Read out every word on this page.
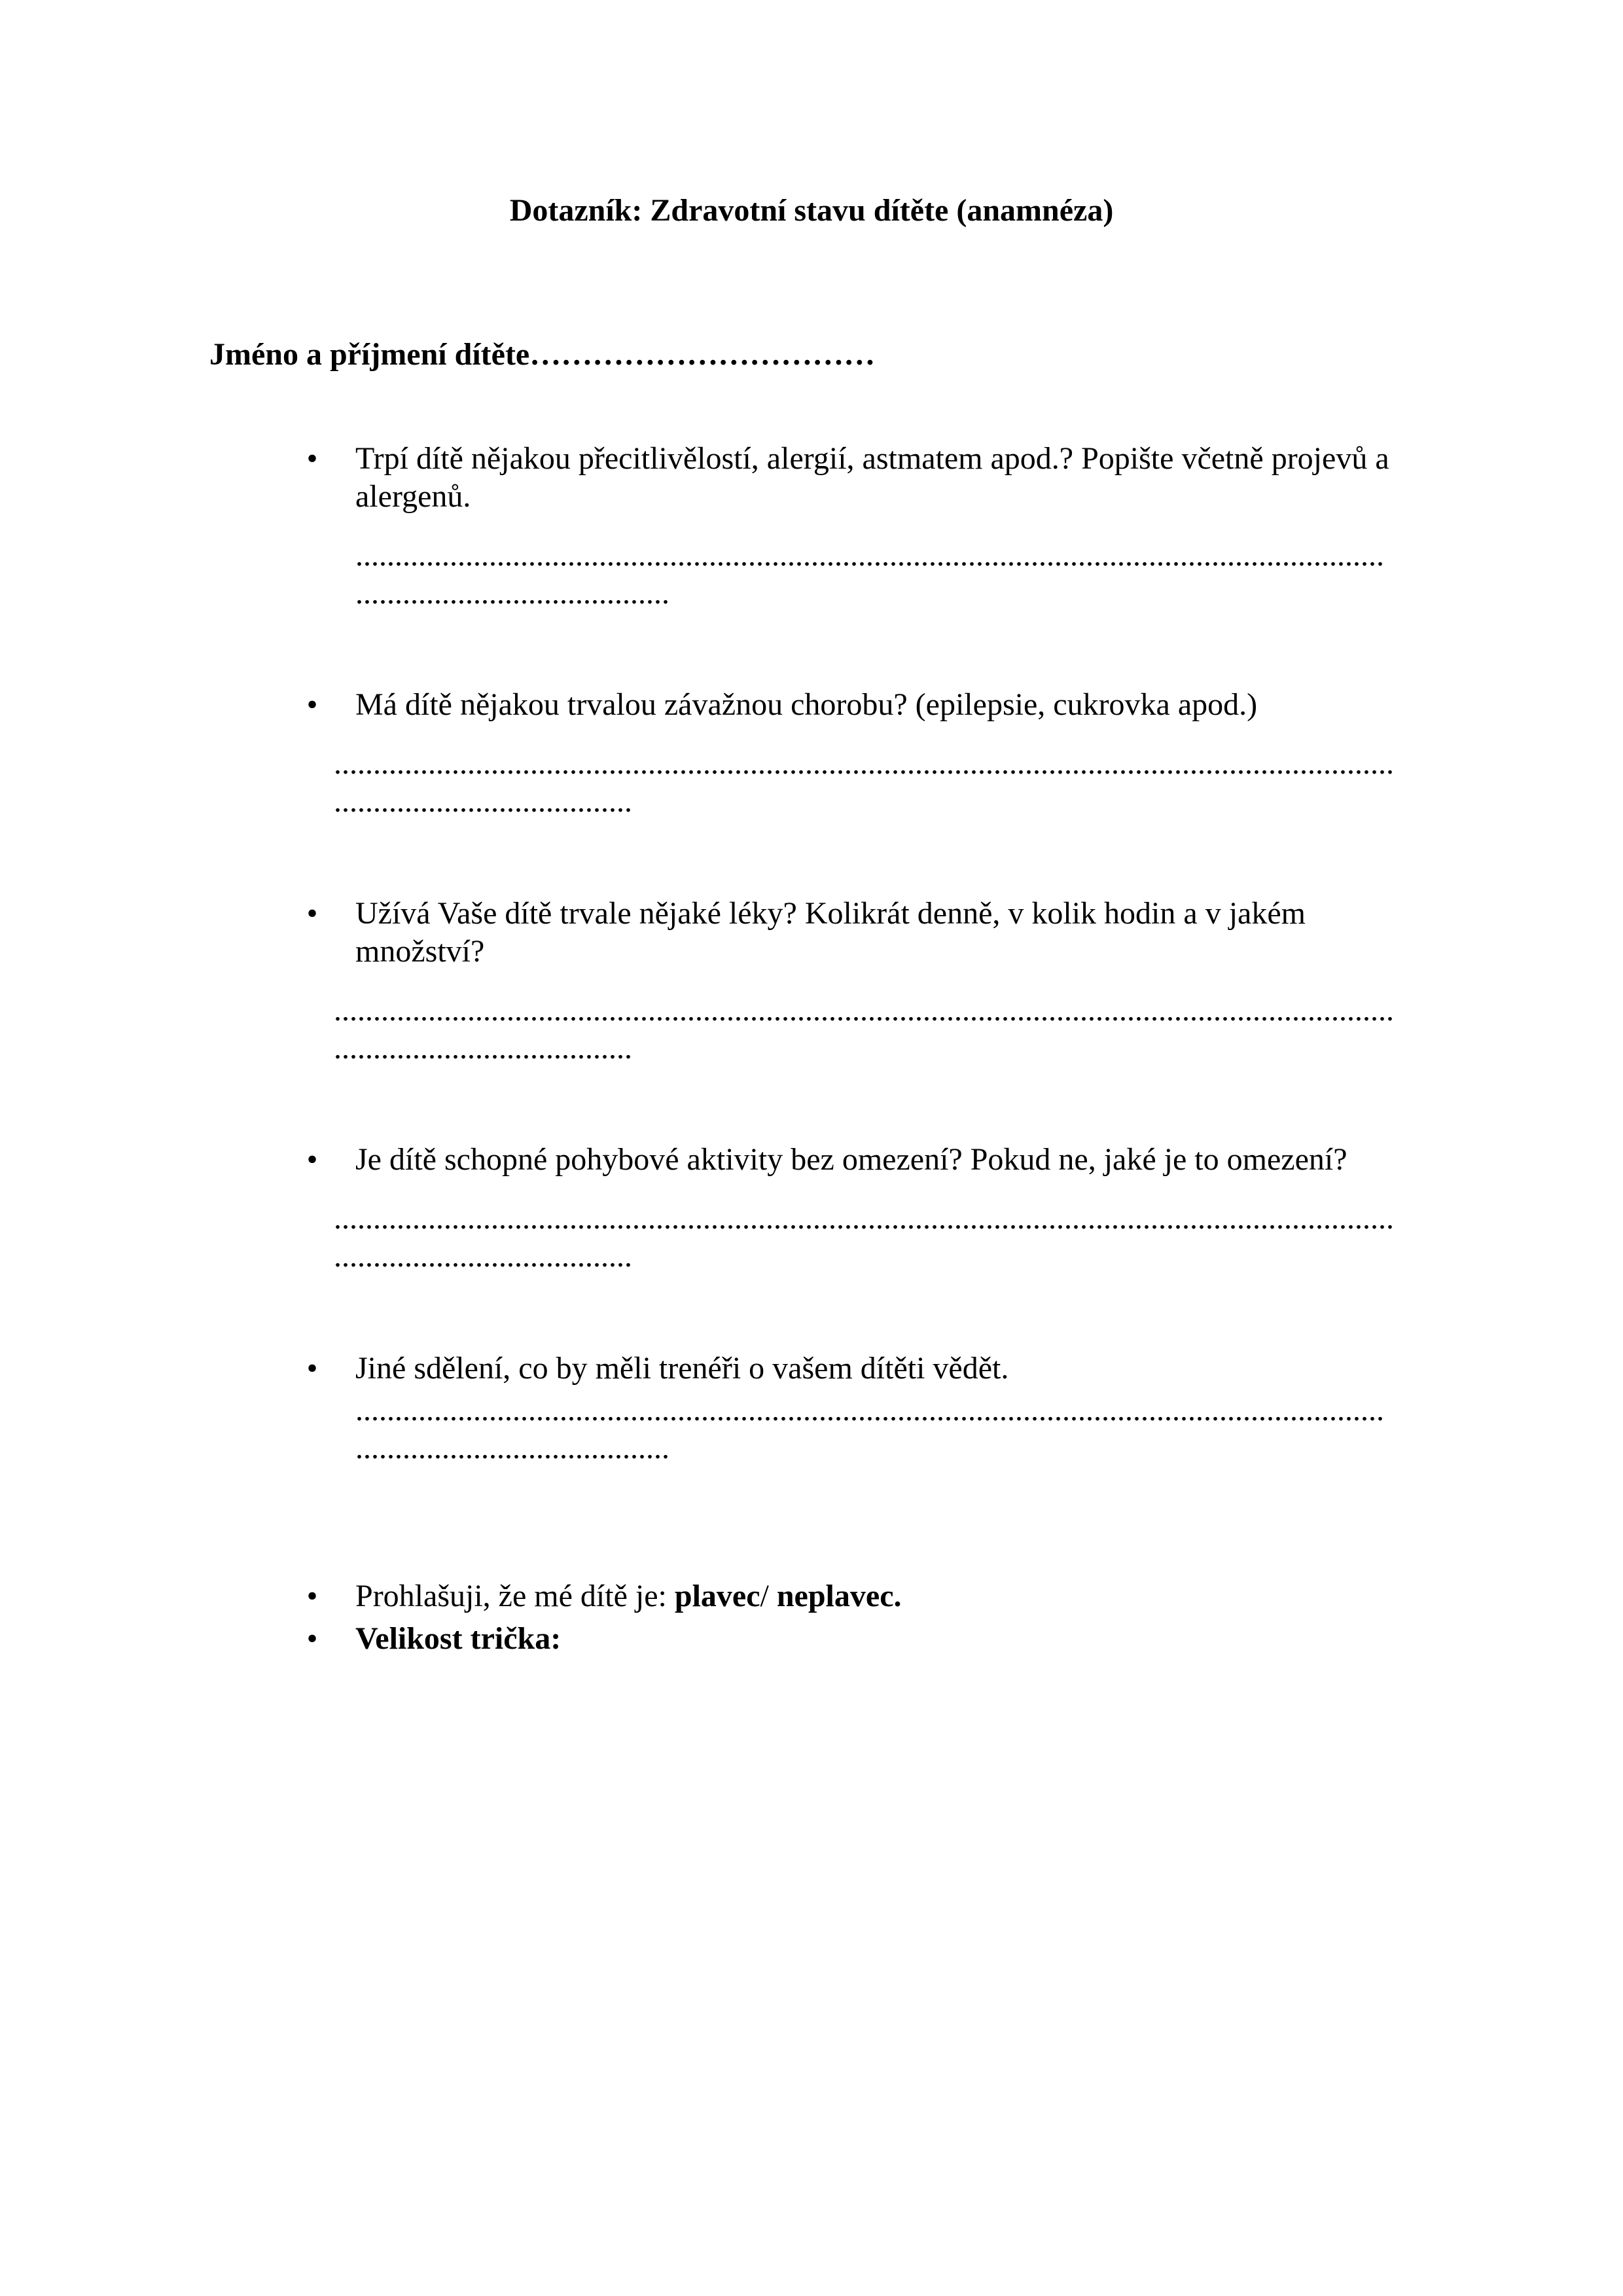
Dotazník: Zdravotní stavu dítěte (anamnéza)
Jméno a příjmení dítěte……………………………
• Trpí dítě nějakou přecitlivělostí, alergií, astmatem apod.? Popište včetně projevů a alergenů.
...................................................................................................................................
........................................
• Má dítě nějakou trvalou závažnou chorobu? (epilepsie, cukrovka apod.)
.......................................................................................................................................
......................................
• Užívá Vaše dítě trvale nějaké léky? Kolikrát denně, v kolik hodin a v jakém množství?
.......................................................................................................................................
......................................
• Je dítě schopné pohybové aktivity bez omezení? Pokud ne, jaké je to omezení?
.......................................................................................................................................
......................................
• Jiné sdělení, co by měli trenéři o vašem dítěti vědět.
...................................................................................................................................
........................................
• Prohlašuji, že mé dítě je: plavec/ neplavec.
• Velikost trička:
